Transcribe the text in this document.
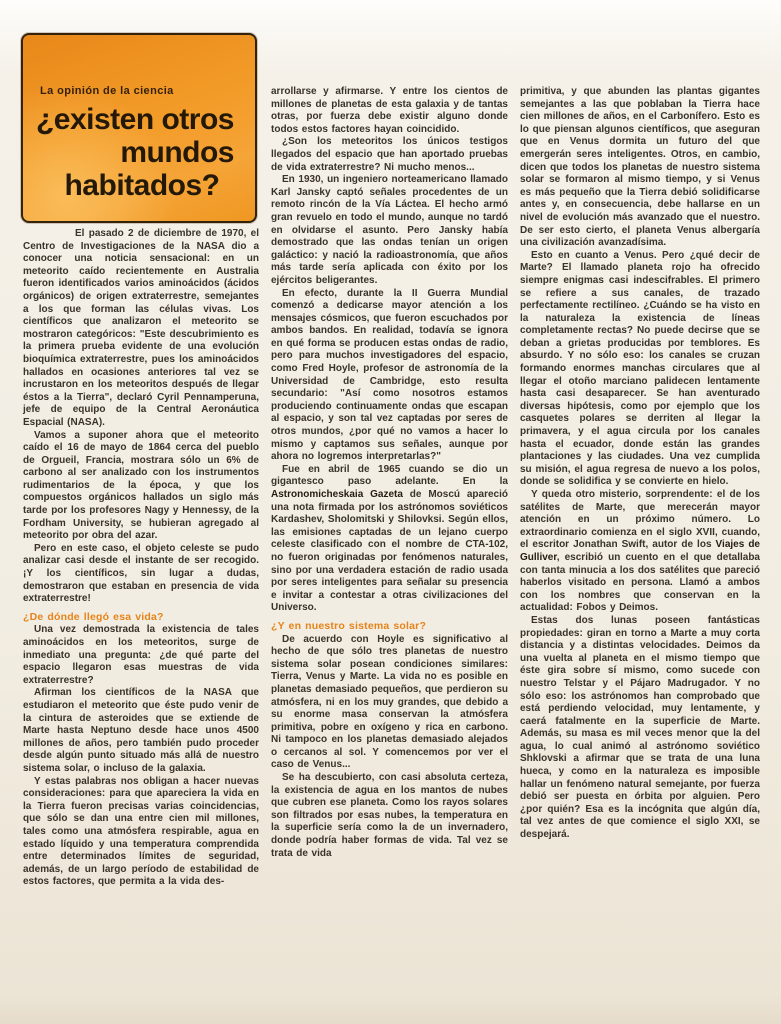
La opinión de la ciencia
¿existen otros
mundos
habitados?

El pasado 2 de diciembre de 1970, el Centro de Investigaciones de la NASA dio a conocer una noticia sensacional: en un meteorito caído recientemente en Australia fueron identificados varios aminoácidos (ácidos orgánicos) de origen extraterrestre, semejantes a los que forman las células vivas. Los científicos que analizaron el meteorito se mostraron categóricos: "Este descubrimiento es la primera prueba evidente de una evolución bioquímica extraterrestre, pues los aminoácidos hallados en ocasiones anteriores tal vez se incrustaron en los meteoritos después de llegar éstos a la Tierra", declaró Cyril Pennamperuna, jefe de equipo de la Central Aeronáutica Espacial (NASA).

Vamos a suponer ahora que el meteorito caído el 16 de mayo de 1864 cerca del pueblo de Orgueil, Francia, mostrara sólo un 6% de carbono al ser analizado con los instrumentos rudimentarios de la época, y que los compuestos orgánicos hallados un siglo más tarde por los profesores Nagy y Hennessy, de la Fordham University, se hubieran agregado al meteorito por obra del azar.

Pero en este caso, el objeto celeste se pudo analizar casi desde el instante de ser recogido. ¡Y los científicos, sin lugar a dudas, demostraron que estaban en presencia de vida extraterrestre!

¿De dónde llegó esa vida?

Una vez demostrada la existencia de tales aminoácidos en los meteoritos, surge de inmediato una pregunta: ¿de qué parte del espacio llegaron esas muestras de vida extraterrestre?

Afirman los científicos de la NASA que estudiaron el meteorito que éste pudo venir de la cintura de asteroides que se extiende de Marte hasta Neptuno desde hace unos 4500 millones de años, pero también pudo proceder desde algún punto situado más allá de nuestro sistema solar, o incluso de la galaxia.

Y estas palabras nos obligan a hacer nuevas consideraciones: para que apareciera la vida en la Tierra fueron precisas varias coincidencias, que sólo se dan una entre cien mil millones, tales como una atmósfera respirable, agua en estado líquido y una temperatura comprendida entre determinados límites de seguridad, además, de un largo período de estabilidad de estos factores, que permita a la vida des-

arrollarse y afirmarse. Y entre los cientos de millones de planetas de esta galaxia y de tantas otras, por fuerza debe existir alguno donde todos estos factores hayan coincidido.

¿Son los meteoritos los únicos testigos llegados del espacio que han aportado pruebas de vida extraterrestre? Ni mucho menos...

En 1930, un ingeniero norteamericano llamado Karl Jansky captó señales procedentes de un remoto rincón de la Vía Láctea. El hecho armó gran revuelo en todo el mundo, aunque no tardó en olvidarse el asunto. Pero Jansky había demostrado que las ondas tenían un origen galáctico: y nació la radioastronomía, que años más tarde sería aplicada con éxito por los ejércitos beligerantes.

En efecto, durante la II Guerra Mundial comenzó a dedicarse mayor atención a los mensajes cósmicos, que fueron escuchados por ambos bandos. En realidad, todavía se ignora en qué forma se producen estas ondas de radio, pero para muchos investigadores del espacio, como Fred Hoyle, profesor de astronomía de la Universidad de Cambridge, esto resulta secundario: "Así como nosotros estamos produciendo continuamente ondas que escapan al espacio, y son tal vez captadas por seres de otros mundos, ¿por qué no vamos a hacer lo mismo y captamos sus señales, aunque por ahora no logremos interpretarlas?"

Fue en abril de 1965 cuando se dio un gigantesco paso adelante. En la Astronomicheskaia Gazeta de Moscú apareció una nota firmada por los astrónomos soviéticos Kardashev, Sholomitski y Shilovksi. Según ellos, las emisiones captadas de un lejano cuerpo celeste clasificado con el nombre de CTA-102, no fueron originadas por fenómenos naturales, sino por una verdadera estación de radio usada por seres inteligentes para señalar su presencia e invitar a contestar a otras civilizaciones del Universo.

¿Y en nuestro sistema solar?

De acuerdo con Hoyle es significativo al hecho de que sólo tres planetas de nuestro sistema solar posean condiciones similares: Tierra, Venus y Marte. La vida no es posible en planetas demasiado pequeños, que perdieron su atmósfera, ni en los muy grandes, que debido a su enorme masa conservan la atmósfera primitiva, pobre en oxígeno y rica en carbono. Ni tampoco en los planetas demasiado alejados o cercanos al sol. Y comencemos por ver el caso de Venus...

Se ha descubierto, con casi absoluta certeza, la existencia de agua en los mantos de nubes que cubren ese planeta. Como los rayos solares son filtrados por esas nubes, la temperatura en la superficie sería como la de un invernadero, donde podría haber formas de vida. Tal vez se trata de vida

primitiva, y que abunden las plantas gigantes semejantes a las que poblaban la Tierra hace cien millones de años, en el Carbonífero. Esto es lo que piensan algunos científicos, que aseguran que en Venus dormita un futuro del que emergerán seres inteligentes. Otros, en cambio, dicen que todos los planetas de nuestro sistema solar se formaron al mismo tiempo, y si Venus es más pequeño que la Tierra debió solidificarse antes y, en consecuencia, debe hallarse en un nivel de evolución más avanzado que el nuestro. De ser esto cierto, el planeta Venus albergaría una civilización avanzadísima.

Esto en cuanto a Venus. Pero ¿qué decir de Marte? El llamado planeta rojo ha ofrecido siempre enigmas casi indescifrables. El primero se refiere a sus canales, de trazado perfectamente rectilíneo. ¿Cuándo se ha visto en la naturaleza la existencia de líneas completamente rectas? No puede decirse que se deban a grietas producidas por temblores. Es absurdo. Y no sólo eso: los canales se cruzan formando enormes manchas circulares que al llegar el otoño marciano palidecen lentamente hasta casi desaparecer. Se han aventurado diversas hipótesis, como por ejemplo que los casquetes polares se derriten al llegar la primavera, y el agua circula por los canales hasta el ecuador, donde están las grandes plantaciones y las ciudades. Una vez cumplida su misión, el agua regresa de nuevo a los polos, donde se solidifica y se convierte en hielo.

Y queda otro misterio, sorprendente: el de los satélites de Marte, que merecerán mayor atención en un próximo número. Lo extraordinario comienza en el siglo XVII, cuando, el escritor Jonathan Swift, autor de los Viajes de Gulliver, escribió un cuento en el que detallaba con tanta minucia a los dos satélites que pareció haberlos visitado en persona. Llamó a ambos con los nombres que conservan en la actualidad: Fobos y Deimos.

Estas dos lunas poseen fantásticas propiedades: giran en torno a Marte a muy corta distancia y a distintas velocidades. Deimos da una vuelta al planeta en el mismo tiempo que éste gira sobre sí mismo, como sucede con nuestro Telstar y el Pájaro Madrugador. Y no sólo eso: los astrónomos han comprobado que está perdiendo velocidad, muy lentamente, y caerá fatalmente en la superficie de Marte. Además, su masa es mil veces menor que la del agua, lo cual animó al astrónomo soviético Shklovski a afirmar que se trata de una luna hueca, y como en la naturaleza es imposible hallar un fenómeno natural semejante, por fuerza debió ser puesta en órbita por alguien. Pero ¿por quién? Esa es la incógnita que algún día, tal vez antes de que comience el siglo XXI, se despejará.
